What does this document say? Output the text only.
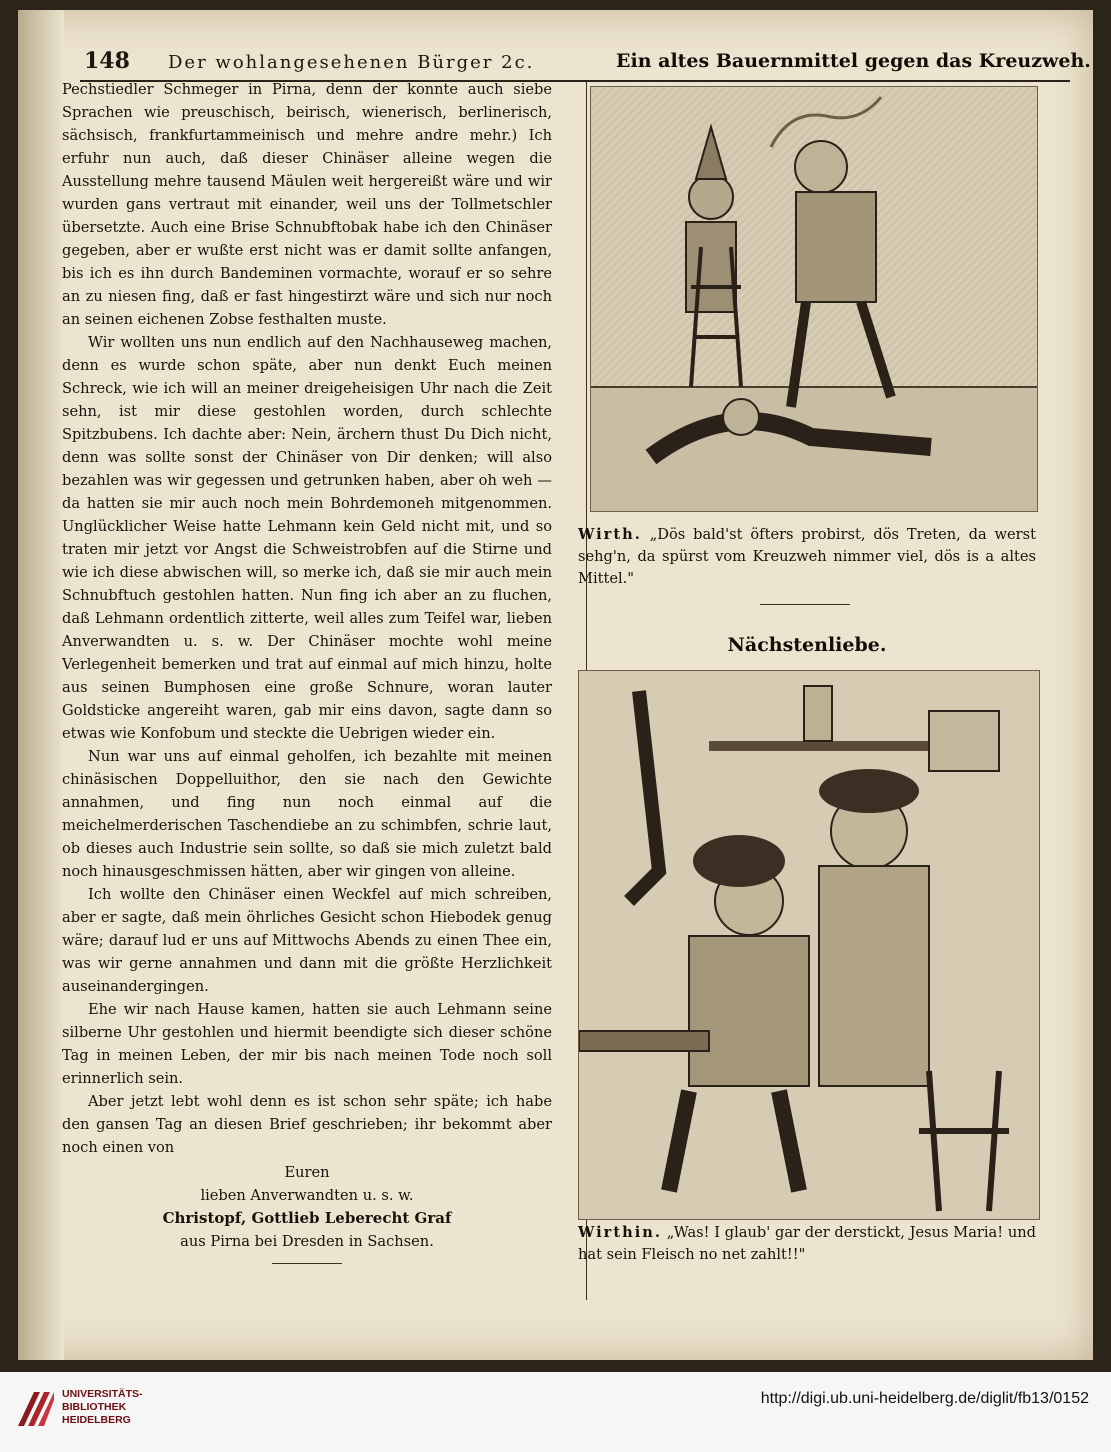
148 Der wohlangesehenen Bürger 2c.	Ein altes Bauernmittel gegen das Kreuzweh.

Pechstiedler Schmeger in Pirna, denn der konnte auch siebe Sprachen wie preuschisch, beirisch, wienerisch, berlinerisch, sächsisch, frankfurtammeinisch und mehre andre mehr.) Ich erfuhr nun auch, daß dieser Chinäser alleine wegen die Ausstellung mehre tausend Mäulen weit hergereißt wäre und wir wurden gans vertraut mit einander, weil uns der Tollmetschler übersetzte. Auch eine Brise Schnubftobak habe ich den Chinäser gegeben, aber er wußte erst nicht was er damit sollte anfangen, bis ich es ihn durch Bandeminen vormachte, worauf er so sehre an zu niesen fing, daß er fast hingestirzt wäre und sich nur noch an seinen eichenen Zobse festhalten muste.

Wir wollten uns nun endlich auf den Nachhauseweg machen, denn es wurde schon späte, aber nun denkt Euch meinen Schreck, wie ich will an meiner dreigeheisigen Uhr nach die Zeit sehn, ist mir diese gestohlen worden, durch schlechte Spitzbubens. Ich dachte aber: Nein, ärchern thust Du Dich nicht, denn was sollte sonst der Chinäser von Dir denken; will also bezahlen was wir gegessen und getrunken haben, aber oh weh — da hatten sie mir auch noch mein Bohrdemoneh mitgenommen. Unglücklicher Weise hatte Lehmann kein Geld nicht mit, und so traten mir jetzt vor Angst die Schweistrobfen auf die Stirne und wie ich diese abwischen will, so merke ich, daß sie mir auch mein Schnubftuch gestohlen hatten. Nun fing ich aber an zu fluchen, daß Lehmann ordentlich zitterte, weil alles zum Teifel war, lieben Anverwandten u. s. w. Der Chinäser mochte wohl meine Verlegenheit bemerken und trat auf einmal auf mich hinzu, holte aus seinen Bumphosen eine große Schnure, woran lauter Goldsticke angereiht waren, gab mir eins davon, sagte dann so etwas wie Konfobum und steckte die Uebrigen wieder ein.

Nun war uns auf einmal geholfen, ich bezahlte mit meinen chinäsischen Doppelluithor, den sie nach den Gewichte annahmen, und fing nun noch einmal auf die meichelmerderischen Taschendiebe an zu schimbfen, schrie laut, ob dieses auch Industrie sein sollte, so daß sie mich zuletzt bald noch hinausgeschmissen hätten, aber wir gingen von alleine.

Ich wollte den Chinäser einen Weckfel auf mich schreiben, aber er sagte, daß mein öhrliches Gesicht schon Hiebodek genug wäre; darauf lud er uns auf Mittwochs Abends zu einen Thee ein, was wir gerne annahmen und dann mit die größte Herzlichkeit auseinandergingen.

Ehe wir nach Hause kamen, hatten sie auch Lehmann seine silberne Uhr gestohlen und hiermit beendigte sich dieser schöne Tag in meinen Leben, der mir bis nach meinen Tode noch soll erinnerlich sein.

Aber jetzt lebt wohl denn es ist schon sehr späte; ich habe den gansen Tag an diesen Brief geschrieben; ihr bekommt aber noch einen von

Euren
lieben Anverwandten u. s. w.
Christopf, Gottlieb Leberecht Graf
aus Pirna bei Dresden in Sachsen.
Wirth. „Dös bald'st öfters probirst, dös Treten, da werst sehg'n, da spürst vom Kreuzweh nimmer viel, dös is a altes Mittel."
Nächstenliebe.
Wirthin. „Was! I glaub' gar der derstickt, Jesus Maria! und hat sein Fleisch no net zahlt!!"
UNIVERSITÄTS-
BIBLIOTHEK
HEIDELBERG
http://digi.ub.uni-heidelberg.de/diglit/fb13/0152
